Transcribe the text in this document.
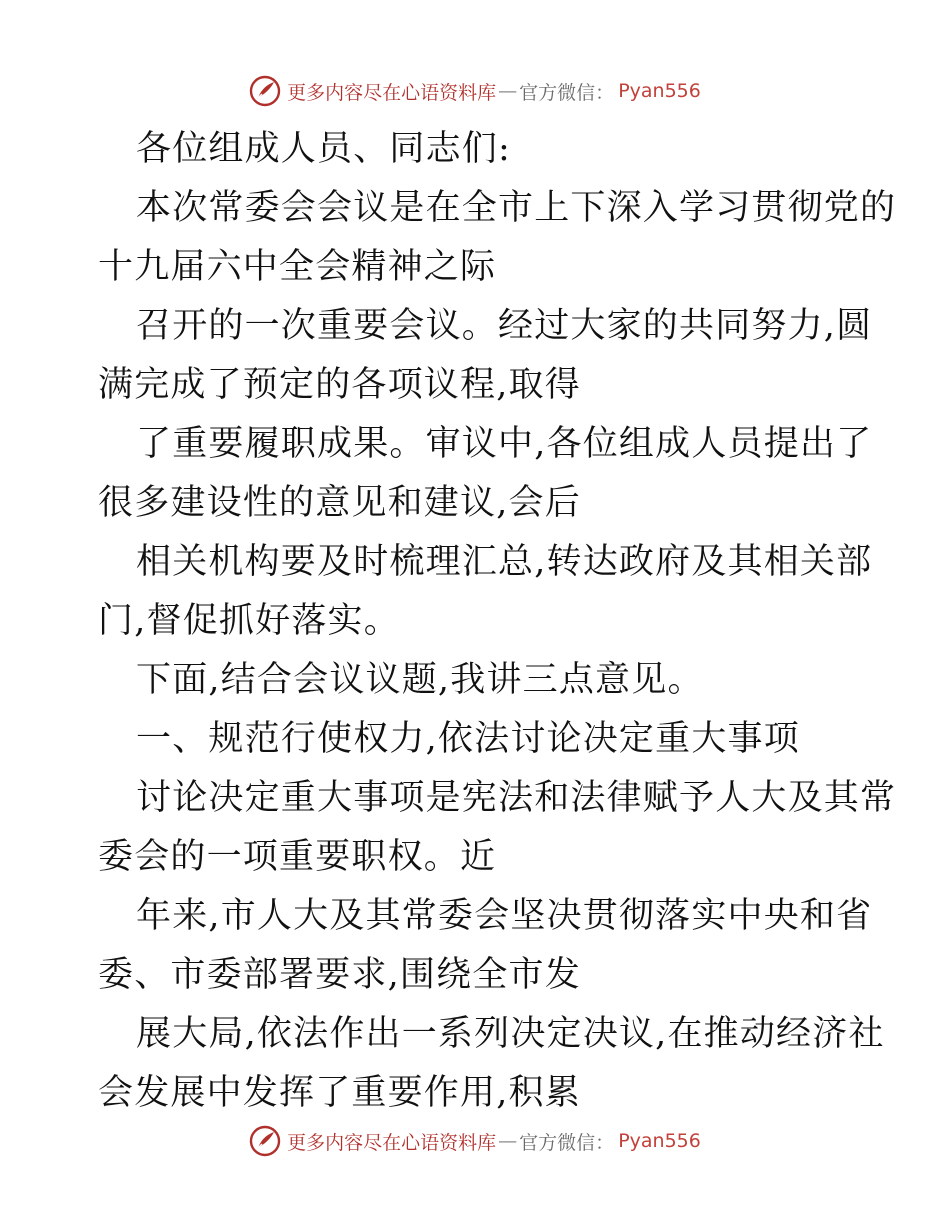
更多内容尽在心语资料库 — 官方微信： Pyan556
各位组成人员、同志们:
本次常委会会议是在全市上下深入学习贯彻党的
十九届六中全会精神之际
召开的一次重要会议。经过大家的共同努力,圆
满完成了预定的各项议程,取得
了重要履职成果。审议中,各位组成人员提出了
很多建设性的意见和建议,会后
相关机构要及时梳理汇总,转达政府及其相关部
门,督促抓好落实。
下面,结合会议议题,我讲三点意见。
一、规范行使权力,依法讨论决定重大事项
讨论决定重大事项是宪法和法律赋予人大及其常
委会的一项重要职权。近
年来,市人大及其常委会坚决贯彻落实中央和省
委、市委部署要求,围绕全市发
展大局,依法作出一系列决定决议,在推动经济社
会发展中发挥了重要作用,积累
更多内容尽在心语资料库 — 官方微信： Pyan556
